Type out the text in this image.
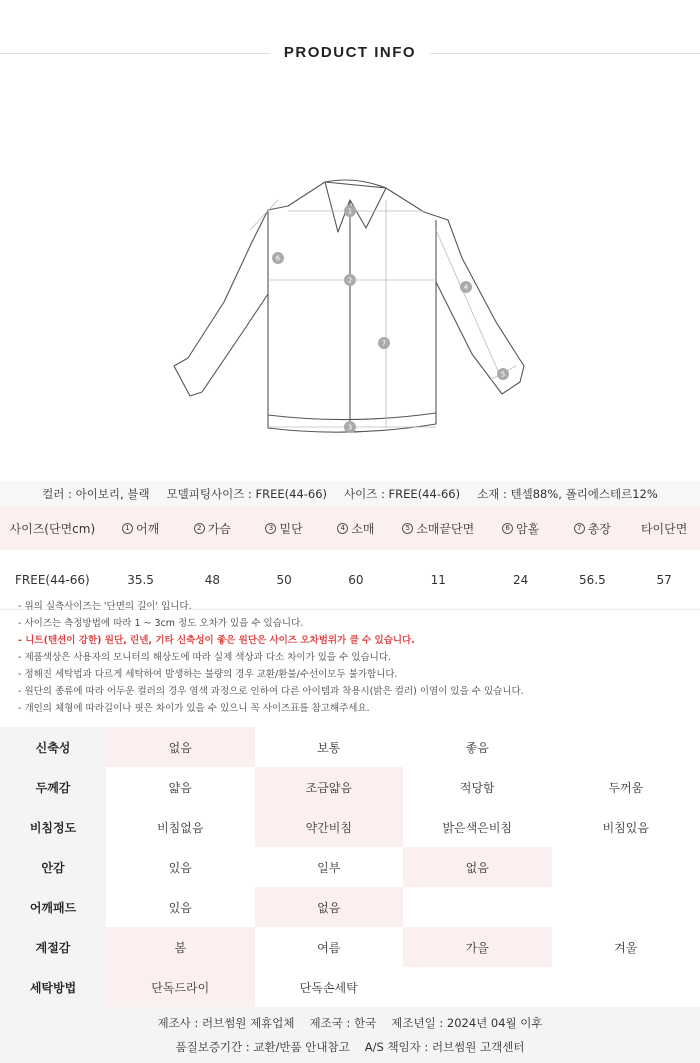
PRODUCT INFO
1
2
3
4
5
6
7
컬러 : 아이보리, 블랙 모델피팅사이즈 : FREE(44-66) 사이즈 : FREE(44-66) 소재 : 텐셀88%, 폴리에스테르12%
사이즈(단면cm)	1 어깨	2 가슴	3 밑단	4 소매	5 소매끝단면	6 암홀	7 총장	타이단면
FREE(44-66)	35.5	48	50	60	11	24	56.5	57

- 위의 실측사이즈는 '단면의 길이' 입니다.

- 사이즈는 측정방법에 따라 1 ~ 3cm 정도 오차가 있을 수 있습니다.

- 니트(텐션이 강한) 원단, 린넨, 기타 신축성이 좋은 원단은 사이즈 오차범위가 클 수 있습니다.

- 제품색상은 사용자의 모니터의 해상도에 따라 실제 색상과 다소 차이가 있을 수 있습니다.

- 정해진 세탁법과 다르게 세탁하여 발생하는 불량의 경우 교환/환불/수선이모두 불가합니다.

- 원단의 종류에 따라 어두운 컬러의 경우 염색 과정으로 인하여 다른 아이템과 착용시(밝은 컬러) 이염이 있을 수 있습니다.

- 개인의 체형에 따라길이나 핏은 차이가 있을 수 있으니 꼭 사이즈표를 참고해주세요.

신축성	없음	보통	좋음
두께감	얇음	조금얇음	적당함	두꺼움
비침정도	비침없음	약간비침	밝은색은비침	비침있음
안감	있음	일부	없음
어깨패드	있음	없음
계절감	봄	여름	가을	겨울
세탁방법	단독드라이	단독손세탁
제조사 : 러브썸원 제휴업체 제조국 : 한국 제조년일 : 2024년 04월 이후
품질보증기간 : 교환/반품 안내참고 A/S 책임자 : 러브썸원 고객센터
